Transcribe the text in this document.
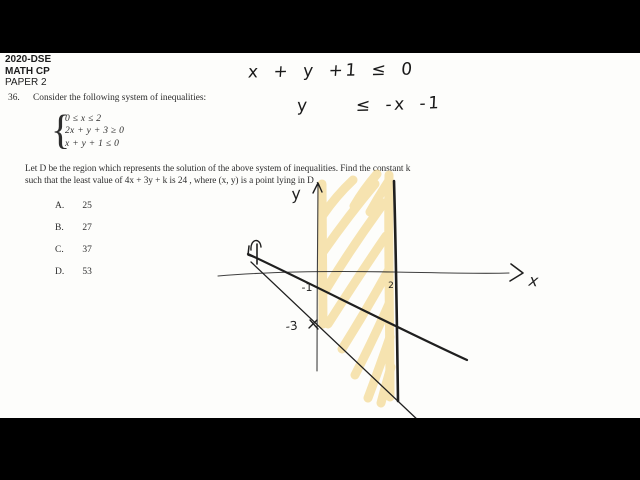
2020-DSE
MATH CP
PAPER 2
36. Consider the following system of inequalities:
{
0 ≤ x ≤ 2
2x + y + 3 ≥ 0
x + y + 1 ≤ 0
Let D be the region which represents the solution of the above system of inequalities. Find the constant k
such that the least value of 4x + 3y + k is 24 , where (x, y) is a point lying in D .
A. 25
B. 27
C. 37
D. 53
x + y +1 ≤ 0
y	≤ -x -1
y
x
2
-1
-3
